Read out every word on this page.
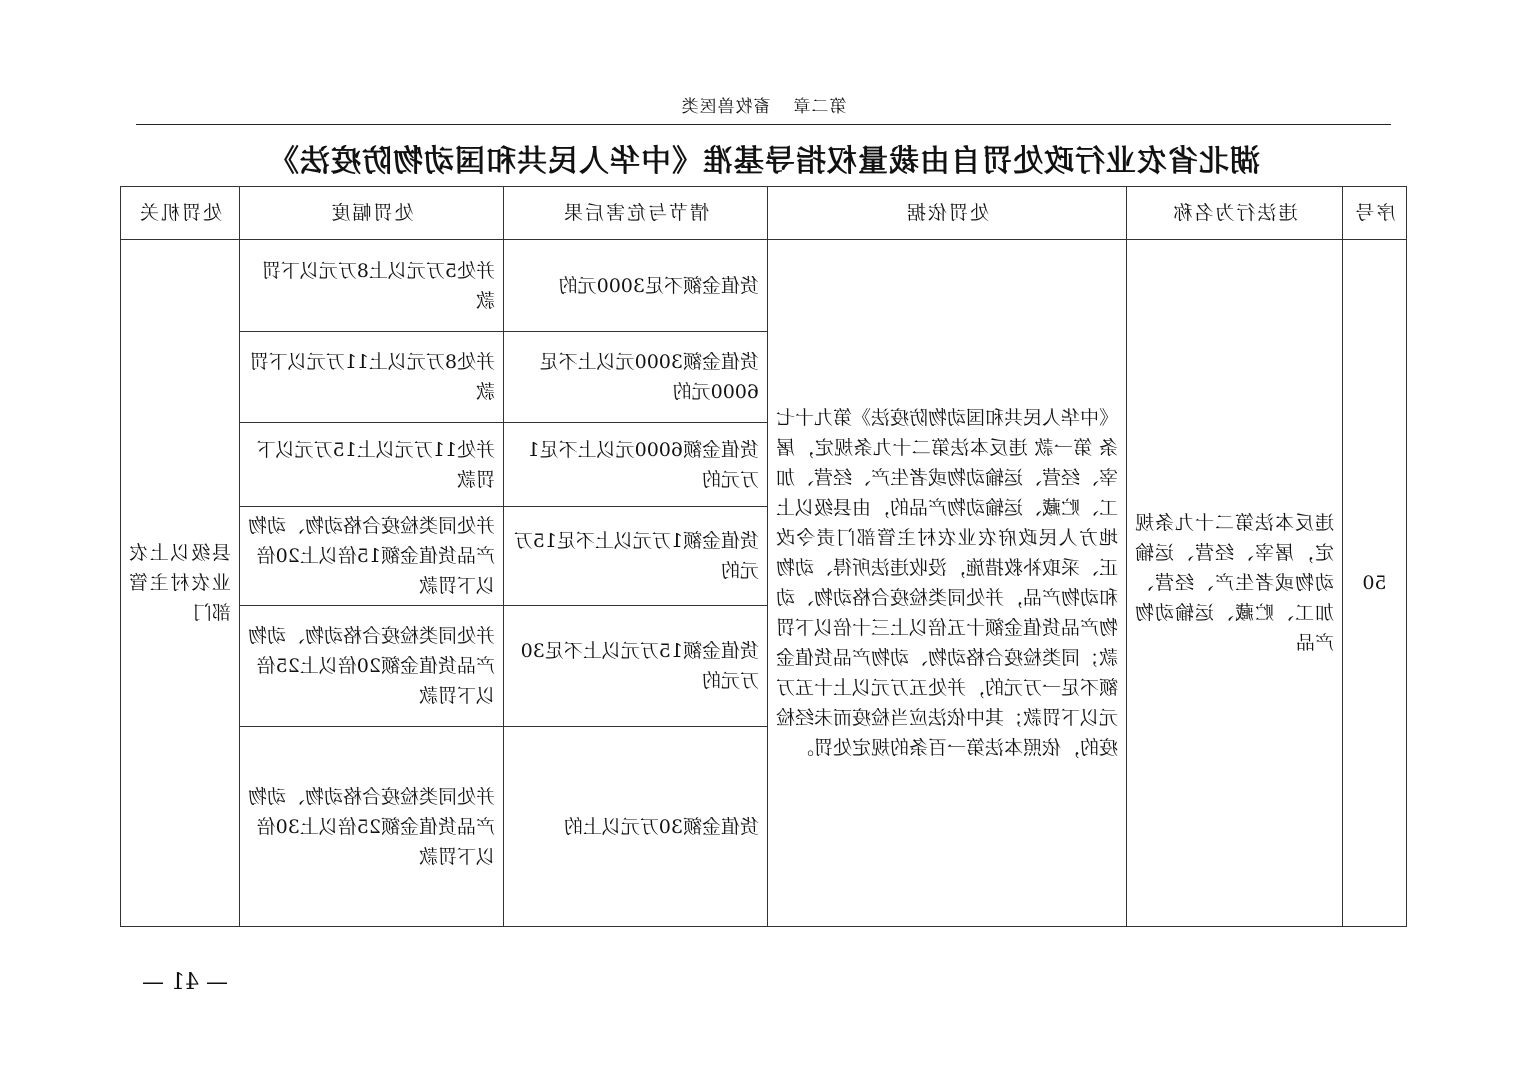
第二章畜牧兽医类
湖北省农业行政处罚自由裁量权指导基准《中华人民共和国动物防疫法》
序号	违法行为名称	处罚依据	情节与危害后果	处罚幅度	处罚机关
50	违反本法第二十九条规定，屠宰、经营、运输动物或者生产、经营、加工、贮藏、运输动物产品	《中华人民共和国动物防疫法》第九十七条 第一款 违反本法第二十九条规定，屠宰、经营、运输动物或者生产、经营、加工、贮藏、运输动物产品的，由县级以上地方人民政府农业农村主管部门责令改正、采取补救措施，没收违法所得、动物和动物产品，并处同类检疫合格动物、动物产品货值金额十五倍以上三十倍以下罚款；同类检疫合格动物、动物产品货值金额不足一万元的，并处五万元以上十五万元以下罚款；其中依法应当检疫而未经检疫的，依照本法第一百条的规定处罚。	货值金额不足3000元的	并处5万元以上8万元以下罚款	县级以上农业农村主管部门
			货值金额3000元以上不足6000元的	并处8万元以上11万元以下罚款	
			货值金额6000元以上不足1万元的	并处11万元以上15万元以下罚款	
			货值金额1万元以上不足15万元的	并处同类检疫合格动物、动物产品货值金额15倍以上20倍以下罚款	
			货值金额15万元以上不足30万元的	并处同类检疫合格动物、动物产品货值金额20倍以上25倍以下罚款	
			货值金额30万元以上的	并处同类检疫合格动物、动物产品货值金额25倍以上30倍以下罚款	
— 41 —
